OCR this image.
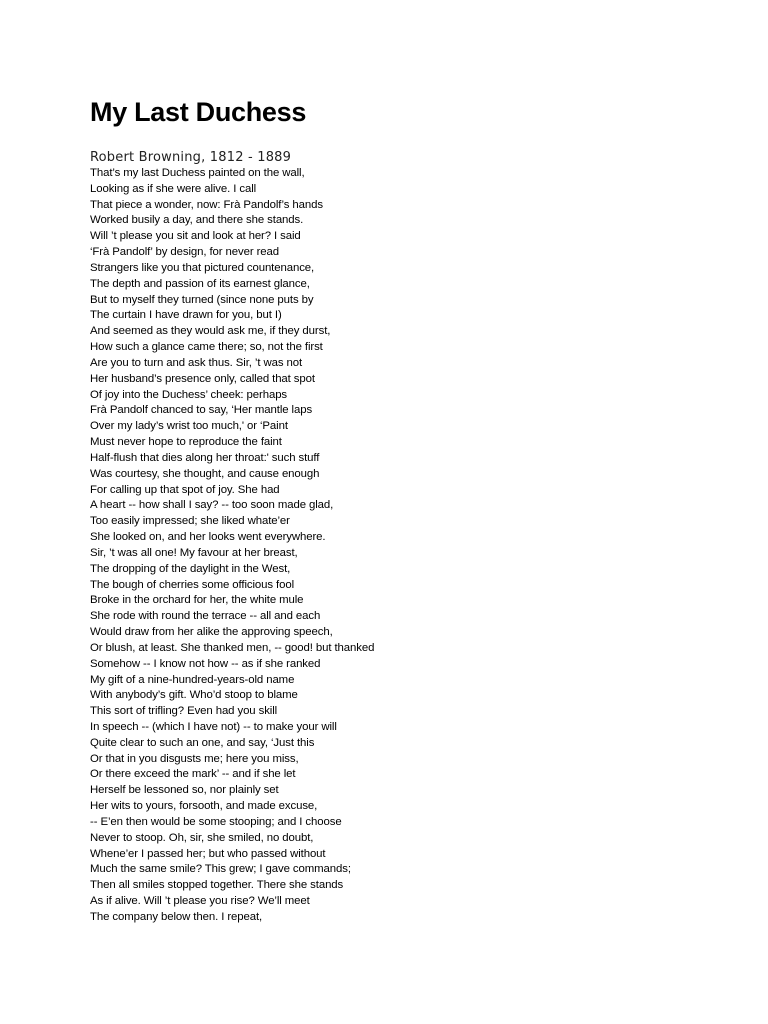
My Last Duchess

Robert Browning, 1812 - 1889

That’s my last Duchess painted on the wall,
Looking as if she were alive. I call
That piece a wonder, now: Frà Pandolf’s hands
Worked busily a day, and there she stands.
Will ’t please you sit and look at her? I said
‘Frà Pandolf’ by design, for never read
Strangers like you that pictured countenance,
The depth and passion of its earnest glance,
But to myself they turned (since none puts by
The curtain I have drawn for you, but I)
And seemed as they would ask me, if they durst,
How such a glance came there; so, not the first
Are you to turn and ask thus. Sir, ’t was not
Her husband’s presence only, called that spot
Of joy into the Duchess’ cheek: perhaps
Frà Pandolf chanced to say, ‘Her mantle laps
Over my lady’s wrist too much,' or ‘Paint
Must never hope to reproduce the faint
Half-flush that dies along her throat:' such stuff
Was courtesy, she thought, and cause enough
For calling up that spot of joy. She had
A heart -- how shall I say? -- too soon made glad,
Too easily impressed; she liked whate’er
She looked on, and her looks went everywhere.
Sir, ’t was all one! My favour at her breast,
The dropping of the daylight in the West,
The bough of cherries some officious fool
Broke in the orchard for her, the white mule
She rode with round the terrace -- all and each
Would draw from her alike the approving speech,
Or blush, at least. She thanked men, -- good! but thanked
Somehow -- I know not how -- as if she ranked
My gift of a nine-hundred-years-old name
With anybody’s gift. Who’d stoop to blame
This sort of trifling? Even had you skill
In speech -- (which I have not) -- to make your will
Quite clear to such an one, and say, ‘Just this
Or that in you disgusts me; here you miss,
Or there exceed the mark’ -- and if she let
Herself be lessoned so, nor plainly set
Her wits to yours, forsooth, and made excuse,
-- E’en then would be some stooping; and I choose
Never to stoop. Oh, sir, she smiled, no doubt,
Whene’er I passed her; but who passed without
Much the same smile? This grew; I gave commands;
Then all smiles stopped together. There she stands
As if alive. Will ’t please you rise? We’ll meet
The company below then. I repeat,
